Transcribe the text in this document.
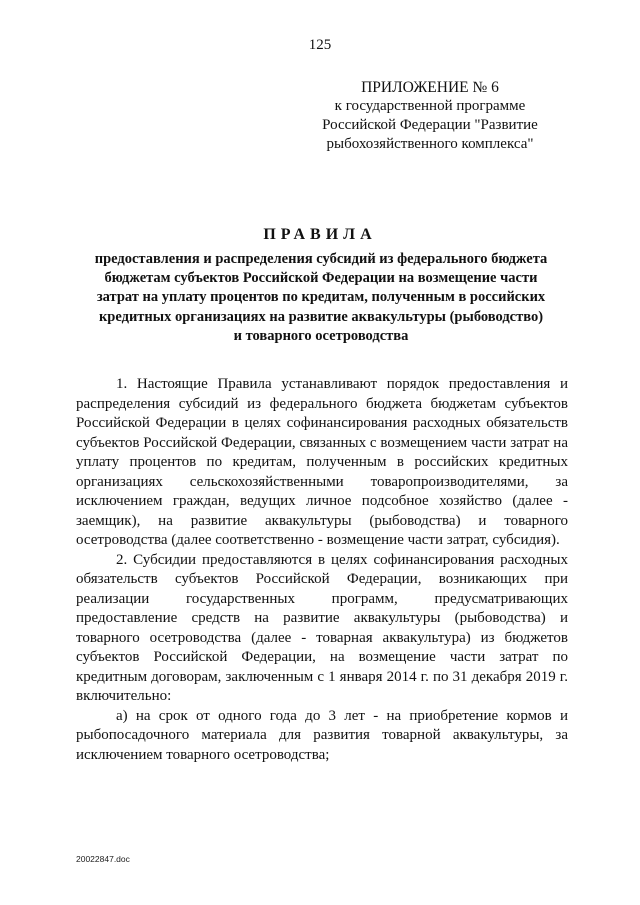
125
ПРИЛОЖЕНИЕ № 6
к государственной программе
Российской Федерации "Развитие
рыбохозяйственного комплекса"
ПРАВИЛА
предоставления и распределения субсидий из федерального бюджета
бюджетам субъектов Российской Федерации на возмещение части
затрат на уплату процентов по кредитам, полученным в российских
кредитных организациях на развитие аквакультуры (рыбоводство)
и товарного осетроводства

1. Настоящие Правила устанавливают порядок предоставления и распределения субсидий из федерального бюджета бюджетам субъектов Российской Федерации в целях софинансирования расходных обязательств субъектов Российской Федерации, связанных с возмещением части затрат на уплату процентов по кредитам, полученным в российских кредитных организациях сельскохозяйственными товаропроизводителями, за исключением граждан, ведущих личное подсобное хозяйство (далее - заемщик), на развитие аквакультуры (рыбоводства) и товарного осетроводства (далее соответственно - возмещение части затрат, субсидия).

2. Субсидии предоставляются в целях софинансирования расходных обязательств субъектов Российской Федерации, возникающих при реализации государственных программ, предусматривающих предоставление средств на развитие аквакультуры (рыбоводства) и товарного осетроводства (далее - товарная аквакультура) из бюджетов субъектов Российской Федерации, на возмещение части затрат по кредитным договорам, заключенным с 1 января 2014 г. по 31 декабря 2019 г. включительно:

а) на срок от одного года до 3 лет - на приобретение кормов и рыбопосадочного материала для развития товарной аквакультуры, за исключением товарного осетроводства;

20022847.doc
